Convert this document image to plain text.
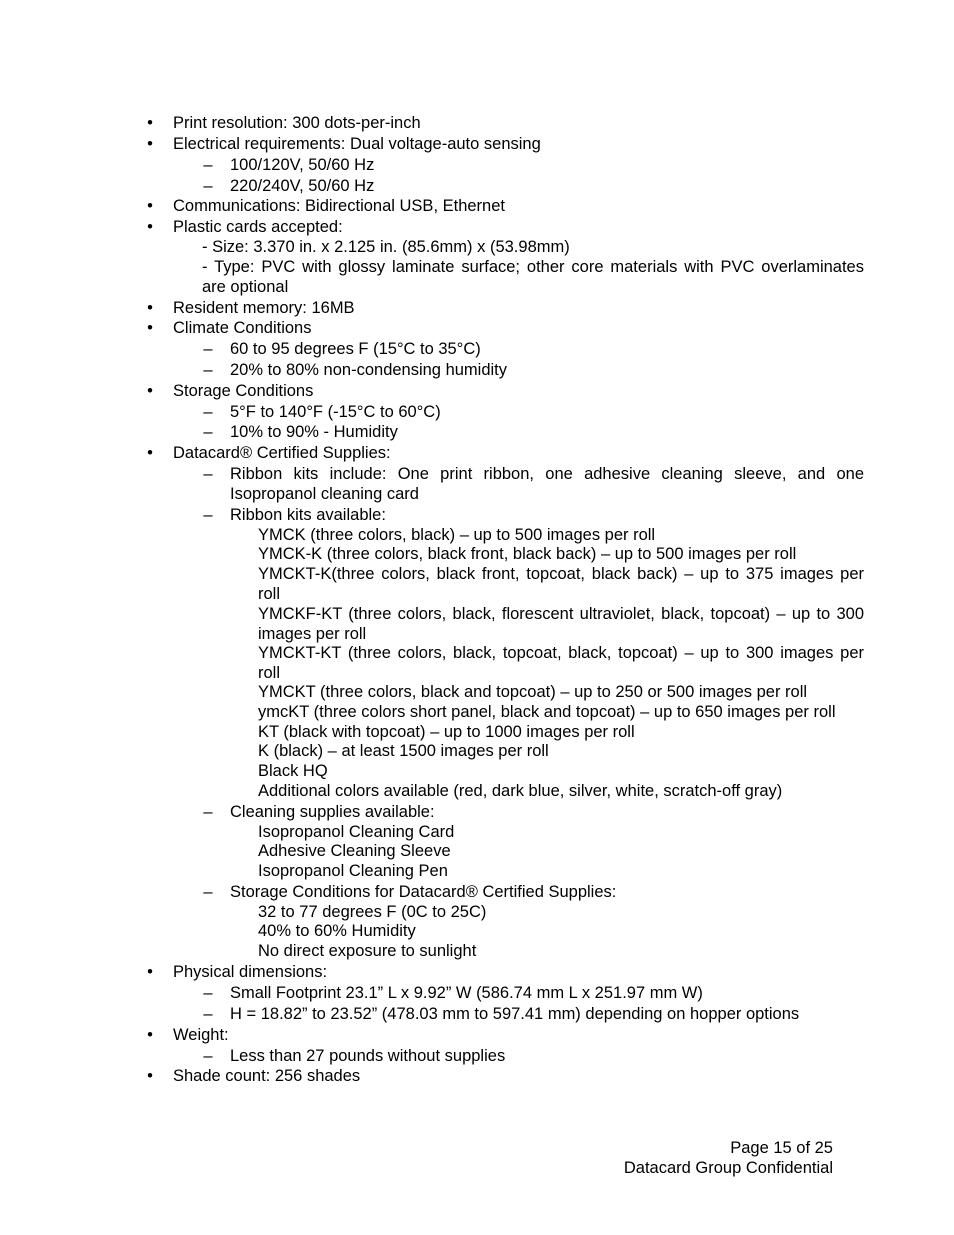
• Print resolution: 300 dots-per-inch
• Electrical requirements: Dual voltage-auto sensing
– 100/120V, 50/60 Hz
– 220/240V, 50/60 Hz
• Communications: Bidirectional USB, Ethernet
• Plastic cards accepted:
- Size: 3.370 in. x 2.125 in. (85.6mm) x (53.98mm)
- Type: PVC with glossy laminate surface; other core materials with PVC overlaminates are optional
• Resident memory: 16MB
• Climate Conditions
– 60 to 95 degrees F (15°C to 35°C)
– 20% to 80% non-condensing humidity
• Storage Conditions
– 5°F to 140°F (-15°C to 60°C)
– 10% to 90% - Humidity
• Datacard® Certified Supplies:
– Ribbon kits include: One print ribbon, one adhesive cleaning sleeve, and one Isopropanol cleaning card
– Ribbon kits available:
YMCK (three colors, black) – up to 500 images per roll
YMCK-K (three colors, black front, black back) – up to 500 images per roll
YMCKT-K(three colors, black front, topcoat, black back) – up to 375 images per roll
YMCKF-KT (three colors, black, florescent ultraviolet, black, topcoat) – up to 300 images per roll
YMCKT-KT (three colors, black, topcoat, black, topcoat) – up to 300 images per roll
YMCKT (three colors, black and topcoat) – up to 250 or 500 images per roll
ymcKT (three colors short panel, black and topcoat) – up to 650 images per roll
KT (black with topcoat) – up to 1000 images per roll
K (black) – at least 1500 images per roll
Black HQ
Additional colors available (red, dark blue, silver, white, scratch-off gray)
– Cleaning supplies available:
Isopropanol Cleaning Card
Adhesive Cleaning Sleeve
Isopropanol Cleaning Pen
– Storage Conditions for Datacard® Certified Supplies:
32 to 77 degrees F (0C to 25C)
40% to 60% Humidity
No direct exposure to sunlight
• Physical dimensions:
– Small Footprint 23.1” L x 9.92” W (586.74 mm L x 251.97 mm W)
– H = 18.82” to 23.52” (478.03 mm to 597.41 mm) depending on hopper options
• Weight:
– Less than 27 pounds without supplies
• Shade count: 256 shades
Page 15 of 25
Datacard Group Confidential
